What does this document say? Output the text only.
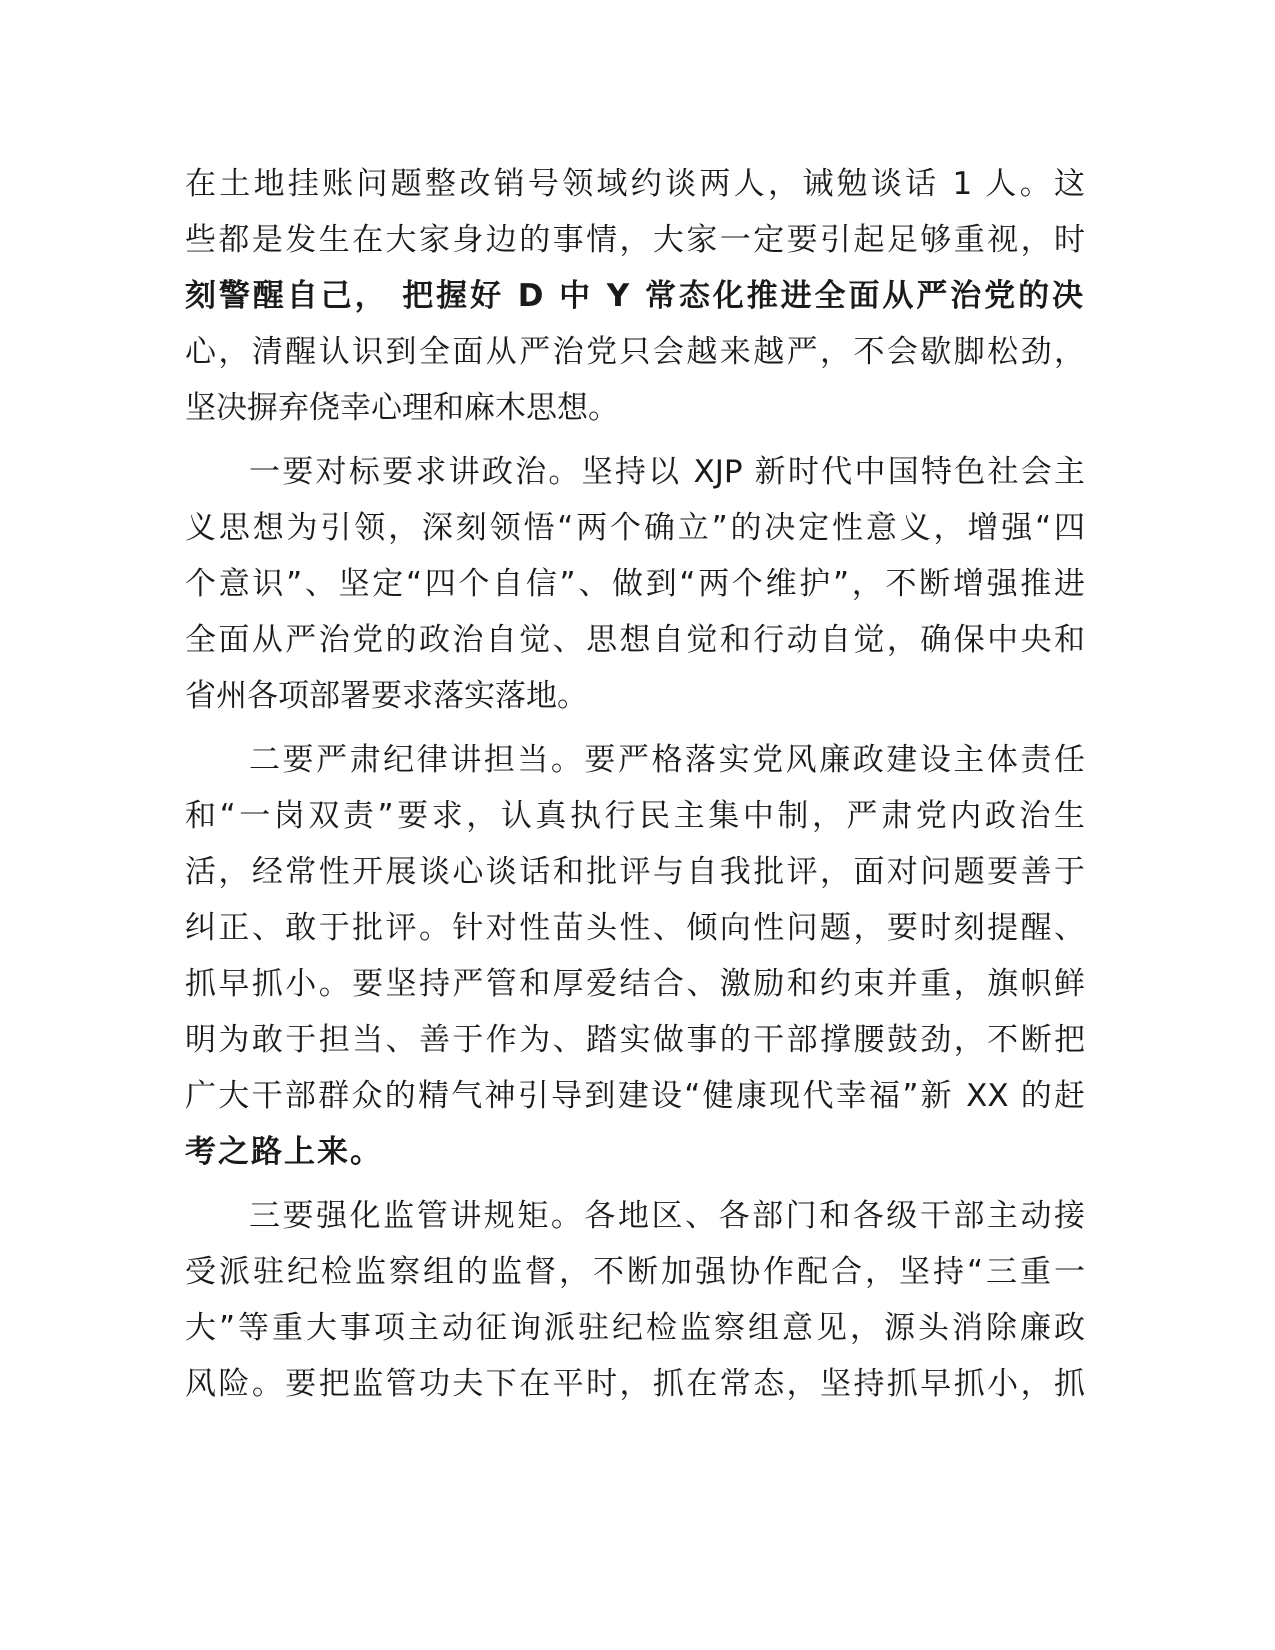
在土地挂账问题整改销号领域约谈两人，诫勉谈话 1 人。这
些都是发生在大家身边的事情，大家一定要引起足够重视，时
刻警醒自己， 把握好 D 中 Y 常态化推进全面从严治党的决
心，清醒认识到全面从严治党只会越来越严，不会歇脚松劲，
坚决摒弃侥幸心理和麻木思想。
一要对标要求讲政治。坚持以 XJP 新时代中国特色社会主
义思想为引领，深刻领悟“两个确立”的决定性意义，增强“四
个意识”、坚定“四个自信”、做到“两个维护”，不断增强推进
全面从严治党的政治自觉、思想自觉和行动自觉，确保中央和
省州各项部署要求落实落地。
二要严肃纪律讲担当。要严格落实党风廉政建设主体责任
和“一岗双责”要求，认真执行民主集中制，严肃党内政治生
活，经常性开展谈心谈话和批评与自我批评，面对问题要善于
纠正、敢于批评。针对性苗头性、倾向性问题，要时刻提醒、
抓早抓小。要坚持严管和厚爱结合、激励和约束并重，旗帜鲜
明为敢于担当、善于作为、踏实做事的干部撑腰鼓劲，不断把
广大干部群众的精气神引导到建设“健康现代幸福”新 XX 的赶
考之路上来。
三要强化监管讲规矩。各地区、各部门和各级干部主动接
受派驻纪检监察组的监督，不断加强协作配合，坚持“三重一
大”等重大事项主动征询派驻纪检监察组意见，源头消除廉政
风险。要把监管功夫下在平时，抓在常态，坚持抓早抓小，抓
